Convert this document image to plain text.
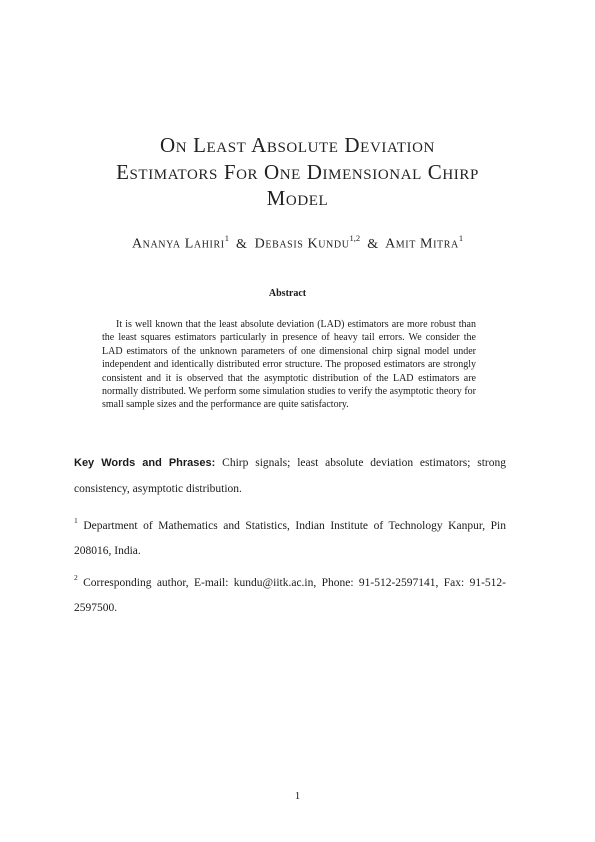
On Least Absolute Deviation
Estimators For One Dimensional Chirp
Model
Ananya Lahiri$^1$ & Debasis Kundu$^{1,2}$ & Amit Mitra$^1$
Abstract
It is well known that the least absolute deviation (LAD) estimators are more robust than the least squares estimators particularly in presence of heavy tail errors. We consider the LAD estimators of the unknown parameters of one dimensional chirp signal model under independent and identically distributed error structure. The proposed estimators are strongly consistent and it is observed that the asymptotic distribution of the LAD estimators are normally distributed. We perform some simulation studies to verify the asymptotic theory for small sample sizes and the performance are quite satisfactory.
Key Words and Phrases: Chirp signals; least absolute deviation estimators; strong consistency, asymptotic distribution.
$^1$ Department of Mathematics and Statistics, Indian Institute of Technology Kanpur, Pin 208016, India.
$^2$ Corresponding author, E-mail: kundu@iitk.ac.in, Phone: 91-512-2597141, Fax: 91-512-2597500.
1
